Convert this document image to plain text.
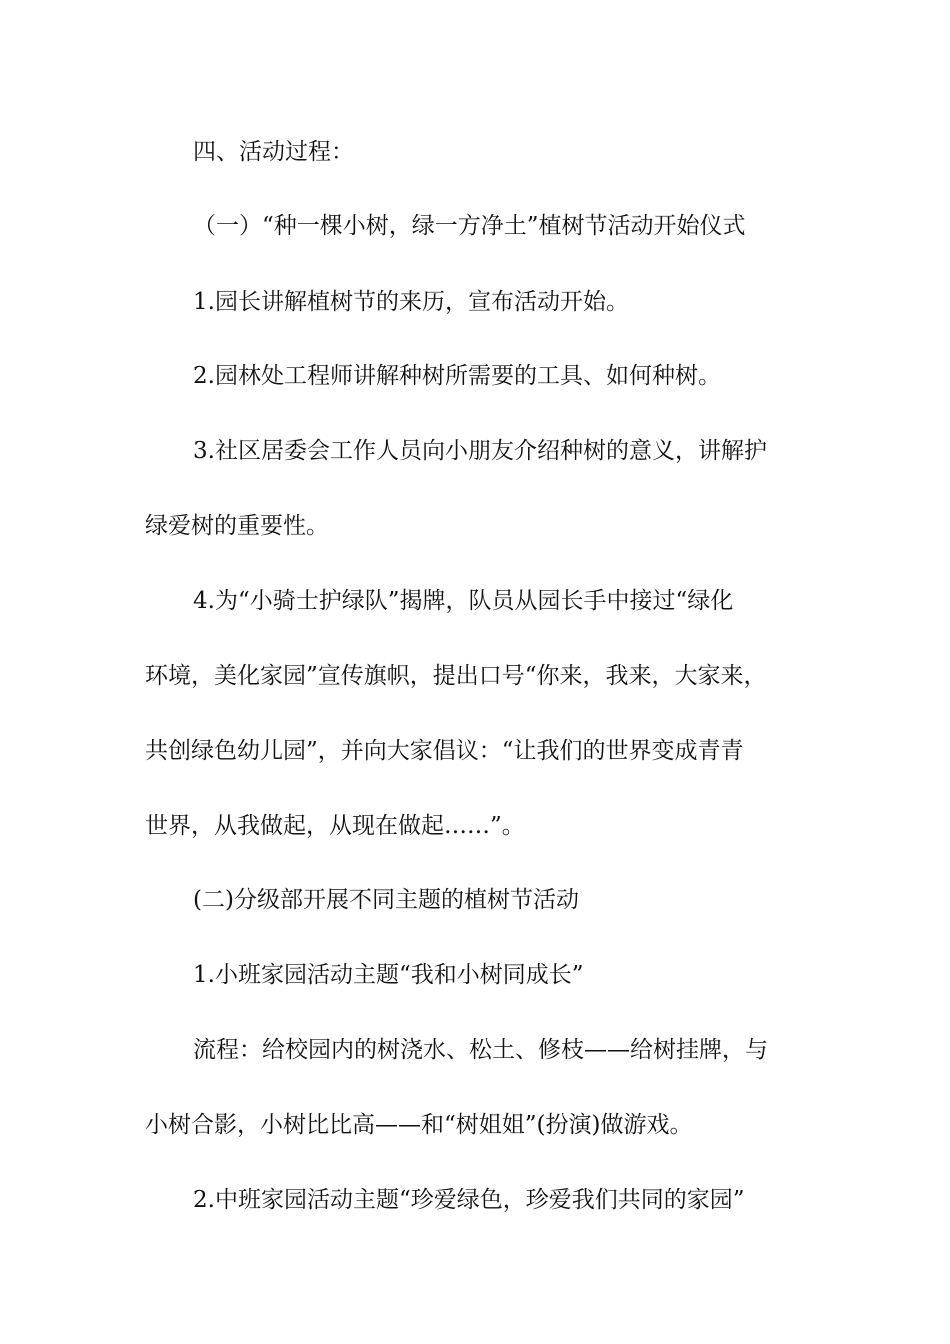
四、活动过程：
（一）“种一棵小树，绿一方净土”植树节活动开始仪式
1.园长讲解植树节的来历，宣布活动开始。
2.园林处工程师讲解种树所需要的工具、如何种树。
3.社区居委会工作人员向小朋友介绍种树的意义，讲解护
绿爱树的重要性。
4.为“小骑士护绿队”揭牌，队员从园长手中接过“绿化
环境，美化家园”宣传旗帜，提出口号“你来，我来，大家来，
共创绿色幼儿园”，并向大家倡议：“让我们的世界变成青青
世界，从我做起，从现在做起……”。
(二)分级部开展不同主题的植树节活动
1.小班家园活动主题“我和小树同成长”
流程：给校园内的树浇水、松土、修枝——给树挂牌，与
小树合影，小树比比高——和“树姐姐”(扮演)做游戏。
2.中班家园活动主题“珍爱绿色，珍爱我们共同的家园”
